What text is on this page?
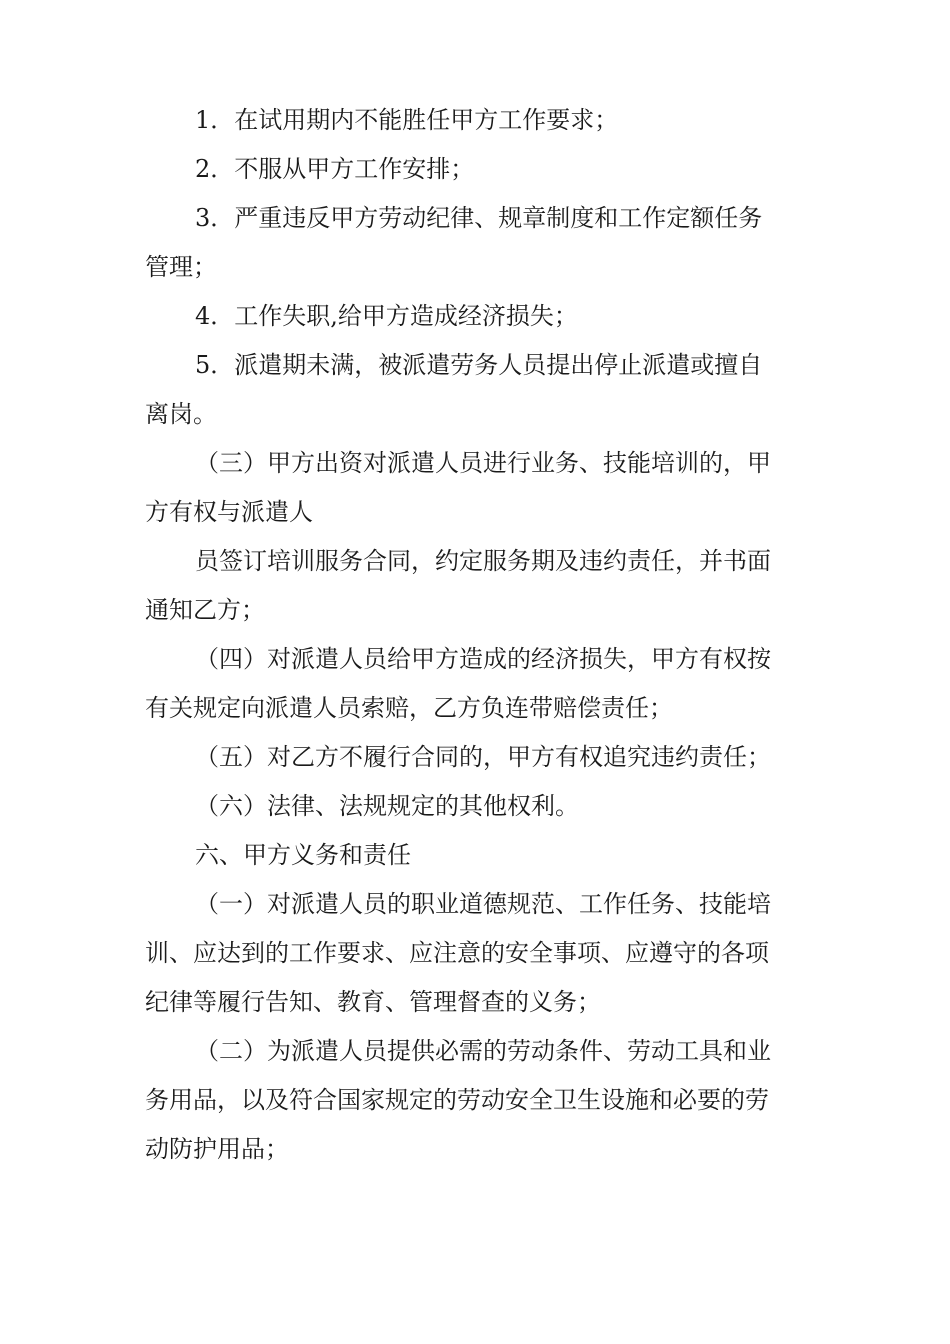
1．在试用期内不能胜任甲方工作要求；
2．不服从甲方工作安排；
3．严重违反甲方劳动纪律、规章制度和工作定额任务
管理；
4．工作失职,给甲方造成经济损失；
5．派遣期未满，被派遣劳务人员提出停止派遣或擅自
离岗。
（三）甲方出资对派遣人员进行业务、技能培训的，甲
方有权与派遣人
员签订培训服务合同，约定服务期及违约责任，并书面
通知乙方；
（四）对派遣人员给甲方造成的经济损失，甲方有权按
有关规定向派遣人员索赔，乙方负连带赔偿责任；
（五）对乙方不履行合同的，甲方有权追究违约责任；
（六）法律、法规规定的其他权利。
六、甲方义务和责任
（一）对派遣人员的职业道德规范、工作任务、技能培
训、应达到的工作要求、应注意的安全事项、应遵守的各项
纪律等履行告知、教育、管理督查的义务；
（二）为派遣人员提供必需的劳动条件、劳动工具和业
务用品，以及符合国家规定的劳动安全卫生设施和必要的劳
动防护用品；
